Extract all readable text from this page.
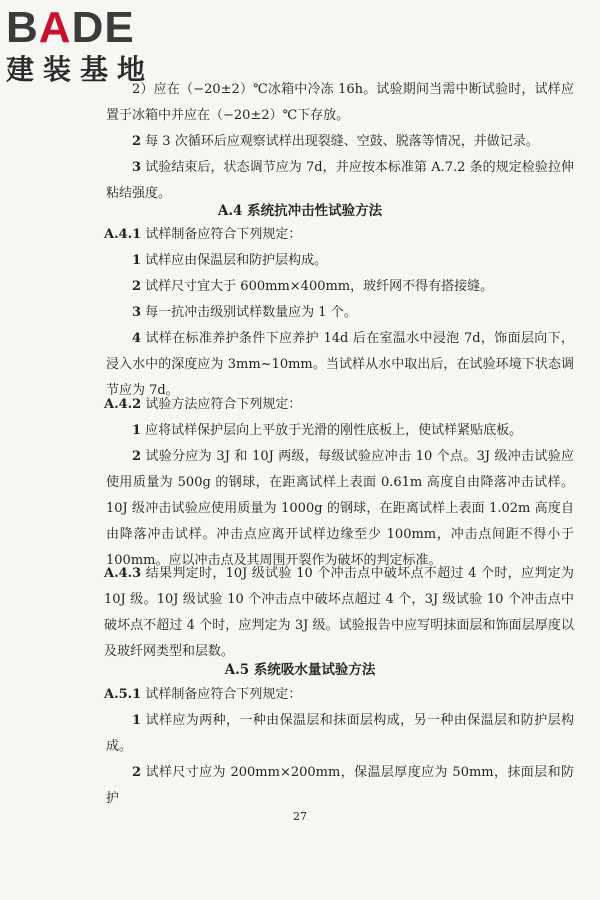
BADE
建装基地

2）应在（−20±2）℃冰箱中冷冻 16h。试验期间当需中断试验时，试样应置于冰箱中并应在（−20±2）℃下存放。

2 每 3 次循环后应观察试样出现裂缝、空鼓、脱落等情况，并做记录。

3 试验结束后，状态调节应为 7d，并应按本标准第 A.7.2 条的规定检验拉伸粘结强度。

A.4 系统抗冲击性试验方法

A.4.1 试样制备应符合下列规定：

1 试样应由保温层和防护层构成。

2 试样尺寸宜大于 600mm×400mm，玻纤网不得有搭接缝。

3 每一抗冲击级别试样数量应为 1 个。

4 试样在标准养护条件下应养护 14d 后在室温水中浸泡 7d，饰面层向下，浸入水中的深度应为 3mm~10mm。当试样从水中取出后，在试验环境下状态调节应为 7d。

A.4.2 试验方法应符合下列规定：

1 应将试样保护层向上平放于光滑的刚性底板上，使试样紧贴底板。

2 试验分应为 3J 和 10J 两级，每级试验应冲击 10 个点。3J 级冲击试验应使用质量为 500g 的钢球，在距离试样上表面 0.61m 高度自由降落冲击试样。10J 级冲击试验应使用质量为 1000g 的钢球，在距离试样上表面 1.02m 高度自由降落冲击试样。冲击点应离开试样边缘至少 100mm，冲击点间距不得小于 100mm。应以冲击点及其周围开裂作为破坏的判定标准。

A.4.3 结果判定时，10J 级试验 10 个冲击点中破坏点不超过 4 个时，应判定为 10J 级。10J 级试验 10 个冲击点中破坏点超过 4 个，3J 级试验 10 个冲击点中破坏点不超过 4 个时，应判定为 3J 级。试验报告中应写明抹面层和饰面层厚度以及玻纤网类型和层数。

A.5 系统吸水量试验方法

A.5.1 试样制备应符合下列规定：

1 试样应为两种，一种由保温层和抹面层构成，另一种由保温层和防护层构成。

2 试样尺寸应为 200mm×200mm，保温层厚度应为 50mm，抹面层和防护

27
